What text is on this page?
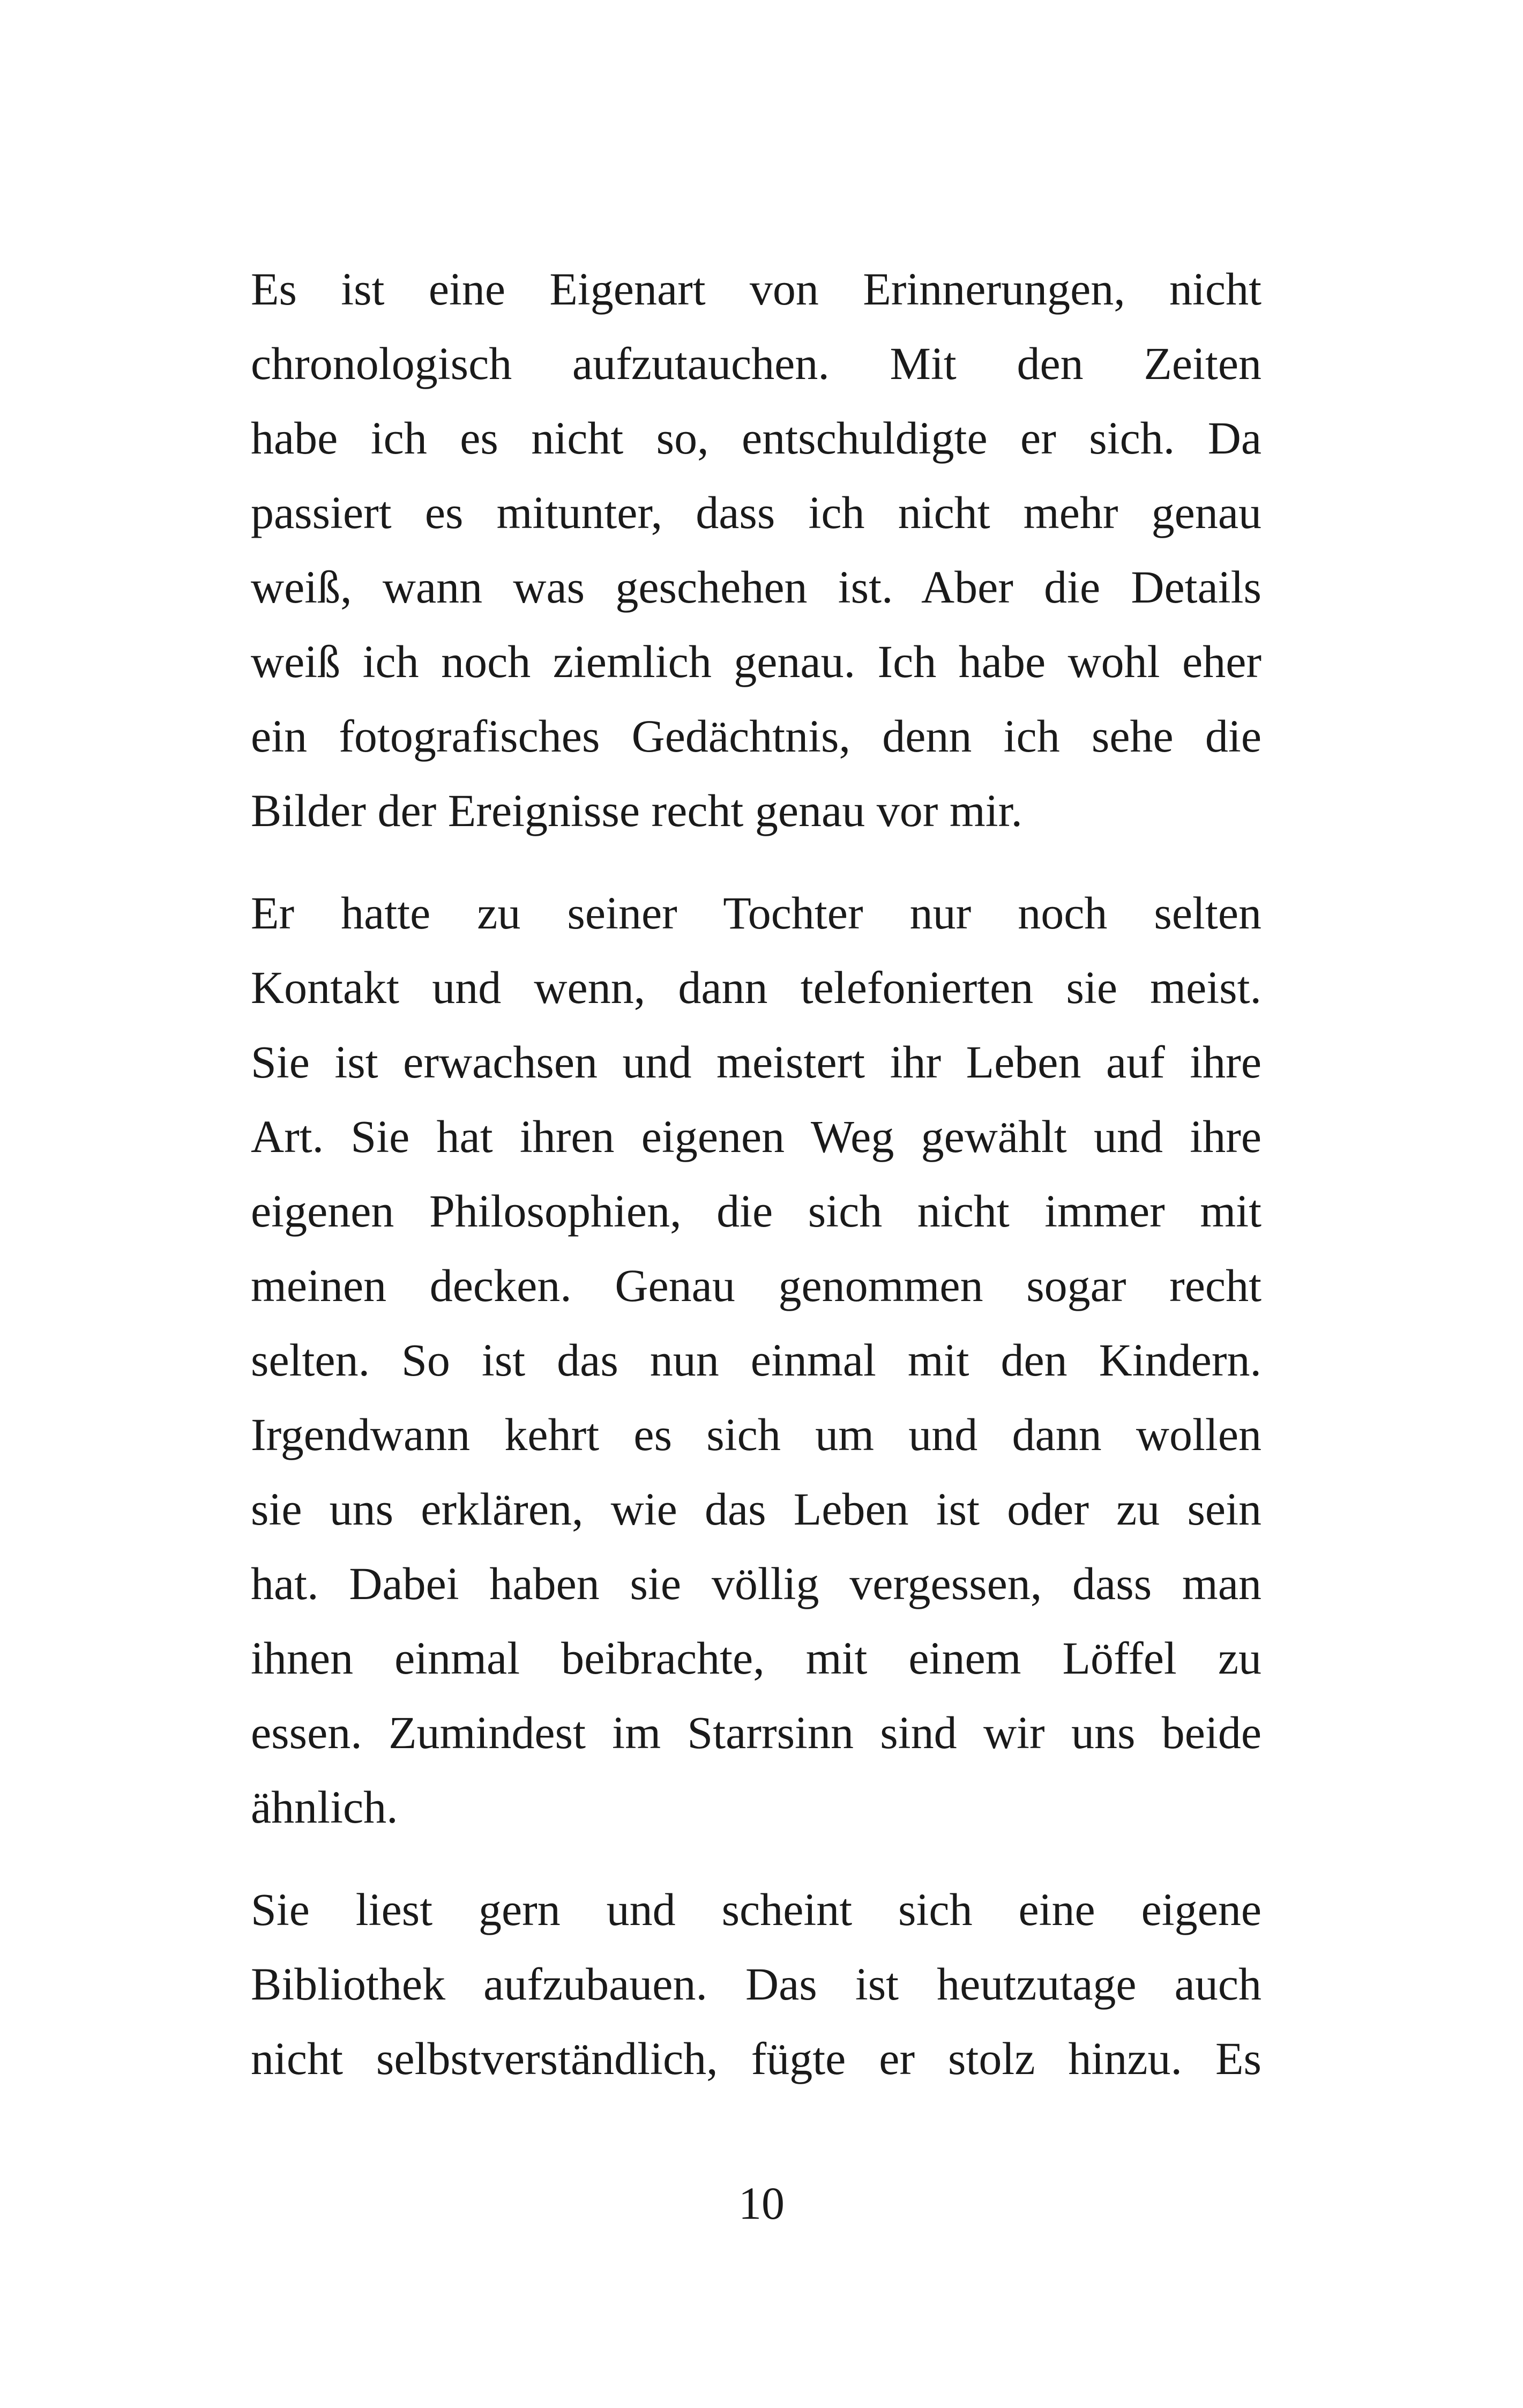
Es ist eine Eigenart von Erinnerungen, nicht
chronologisch aufzutauchen. Mit den Zeiten
habe ich es nicht so, entschuldigte er sich. Da
passiert es mitunter, dass ich nicht mehr genau
weiß, wann was geschehen ist. Aber die Details
weiß ich noch ziemlich genau. Ich habe wohl eher
ein fotografisches Gedächtnis, denn ich sehe die
Bilder der Ereignisse recht genau vor mir.
Er hatte zu seiner Tochter nur noch selten
Kontakt und wenn, dann telefonierten sie meist.
Sie ist erwachsen und meistert ihr Leben auf ihre
Art. Sie hat ihren eigenen Weg gewählt und ihre
eigenen Philosophien, die sich nicht immer mit
meinen decken. Genau genommen sogar recht
selten. So ist das nun einmal mit den Kindern.
Irgendwann kehrt es sich um und dann wollen
sie uns erklären, wie das Leben ist oder zu sein
hat. Dabei haben sie völlig vergessen, dass man
ihnen einmal beibrachte, mit einem Löffel zu
essen. Zumindest im Starrsinn sind wir uns beide
ähnlich.
Sie liest gern und scheint sich eine eigene
Bibliothek aufzubauen. Das ist heutzutage auch
nicht selbstverständlich, fügte er stolz hinzu. Es
10
